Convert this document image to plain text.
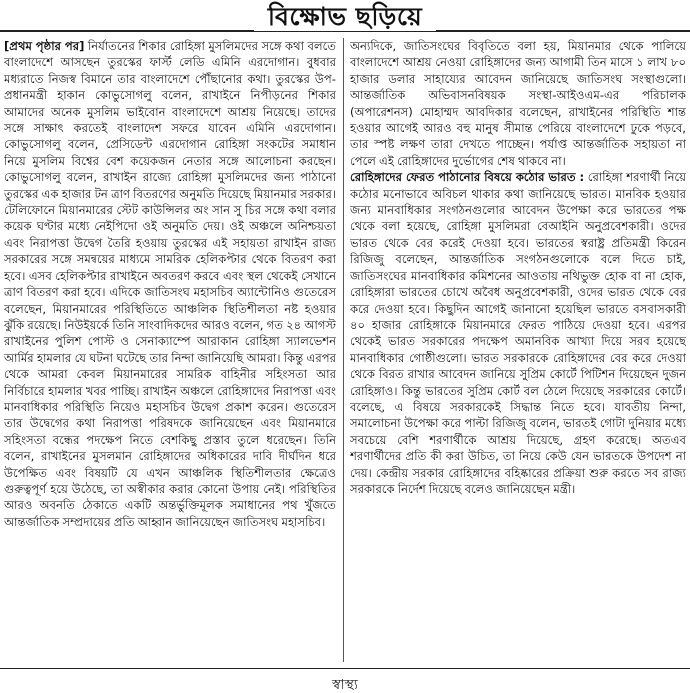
বিক্ষোভ ছড়িয়ে

[প্রথম পৃষ্ঠার পর] নির্যাতনের শিকার রোহিঙ্গা মুসলিমদের সঙ্গে কথা বলতে বাংলাদেশে আসছেন তুরস্কের ফার্স্ট লেডি এমিনি এরদোগান। বুধবার মধ্যরাতে নিজস্ব বিমানে তার বাংলাদেশে পৌঁছানোর কথা। তুরস্কের উপ-প্রধানমন্ত্রী হাকান কোভুসোগলু বলেন, রাখাইনে নিপীড়নের শিকার আমাদের অনেক মুসলিম ভাইবোন বাংলাদেশে আশ্রয় নিয়েছে। তাদের সঙ্গে সাক্ষাৎ করতেই বাংলাদেশ সফরে যাবেন এমিনি এরদোগান। কোভুসোগলু বলেন, প্রেসিডেন্ট এরদোগান রোহিঙ্গা সংকটের সমাধান নিয়ে মুসলিম বিশ্বের বেশ কয়েকজন নেতার সঙ্গে আলোচনা করছেন। কোভুসোগলু বলেন, রাখাইন রাজ্যে রোহিঙ্গা মুসলিমদের জন্য পাঠানো তুরস্কের এক হাজার টন ত্রাণ বিতরণের অনুমতি দিয়েছে মিয়ানমার সরকার। টেলিফোনে মিয়ানমারের স্টেট কাউন্সিলর অং সান সু চির সঙ্গে কথা বলার কয়েক ঘণ্টার মধ্যে নেইপিদো ওই অনুমতি দেয়। ওই অঞ্চলে অনিশ্চয়তা এবং নিরাপত্তা উদ্বেগ তৈরি হওয়ায় তুরস্কের এই সহায়তা রাখাইন রাজ্য সরকারের সঙ্গে সমন্বয়ের মাধ্যমে সামরিক হেলিকপ্টার থেকে বিতরণ করা হবে। এসব হেলিকপ্টার রাখাইনে অবতরণ করবে এবং স্থল থেকেই সেখানে ত্রাণ বিতরণ করা হবে। এদিকে জাতিসংঘ মহাসচিব অ্যান্টোনিও গুতেরেস বলেছেন, মিয়ানমারের পরিস্থিতিতে আঞ্চলিক স্থিতিশীলতা নষ্ট হওয়ার ঝুঁকি রয়েছে। নিউইয়র্কে তিনি সাংবাদিকদের আরও বলেন, গত ২৪ আগস্ট রাখাইনের পুলিশ পোস্ট ও সেনাক্যাম্পে আরাকান রোহিঙ্গা স্যালভেশন আর্মির হামলার যে ঘটনা ঘটেছে তার নিন্দা জানিয়েছি আমরা। কিন্তু এরপর থেকে আমরা কেবল মিয়ানমারের সামরিক বাহিনীর সহিংসতা আর নির্বিচারে হামলার খবর পাচ্ছি। রাখাইন অঞ্চলে রোহিঙ্গাদের নিরাপত্তা এবং মানবাধিকার পরিস্থিতি নিয়েও মহাসচিব উদ্বেগ প্রকাশ করেন। গুতেরেস তার উদ্বেগের কথা নিরাপত্তা পরিষদকে জানিয়েছেন এবং মিয়ানমারে সহিংসতা বন্ধের পদক্ষেপ নিতে বেশকিছু প্রস্তাব তুলে ধরেছেন। তিনি বলেন, রাখাইনের মুসলমান রোহিঙ্গাদের অধিকারের দাবি দীর্ঘদিন ধরে উপেক্ষিত এবং বিষয়টি যে এখন আঞ্চলিক স্থিতিশীলতার ক্ষেত্রেও গুরুত্বপূর্ণ হয়ে উঠেছে, তা অস্বীকার করার কোনো উপায় নেই। পরিস্থিতির আরও অবনতি ঠেকাতে একটি অন্তর্ভুক্তিমূলক সমাধানের পথ খুঁজতে আন্তর্জাতিক সম্প্রদায়ের প্রতি আহ্বান জানিয়েছেন জাতিসংঘ মহাসচিব।

অন্যদিকে, জাতিসংঘের বিবৃতিতে বলা হয়, মিয়ানমার থেকে পালিয়ে বাংলাদেশে আশ্রয় নেওয়া রোহিঙ্গাদের জন্য আগামী তিন মাসে ১ লাখ ৮০ হাজার ডলার সাহায্যের আবেদন জানিয়েছে জাতিসংঘ সংস্থাগুলো। আন্তর্জাতিক অভিবাসনবিষয়ক সংস্থা-আইওএম-এর পরিচালক (অপারেশনস) মোহাম্মদ আবদিকার বলেছেন, রাখাইনের পরিস্থিতি শান্ত হওয়ার আগেই আরও বহু মানুষ সীমান্ত পেরিয়ে বাংলাদেশে ঢুকে পড়বে, তার স্পষ্ট লক্ষণ তারা দেখতে পাচ্ছেন। পর্যাপ্ত আন্তর্জাতিক সহায়তা না পেলে এই রোহিঙ্গাদের দুর্ভোগের শেষ থাকবে না।

রোহিঙ্গাদের ফেরত পাঠানোর বিষয়ে কঠোর ভারত : রোহিঙ্গা শরণার্থী নিয়ে কঠোর মনোভাবে অবিচল থাকার কথা জানিয়েছে ভারত। মানবিক হওয়ার জন্য মানবাধিকার সংগঠনগুলোর আবেদন উপেক্ষা করে ভারতের পক্ষ থেকে বলা হয়েছে, রোহিঙ্গা মুসলিমরা বেআইনি অনুপ্রবেশকারী। ওদের ভারত থেকে বের করেই দেওয়া হবে। ভারতের স্বরাষ্ট্র প্রতিমন্ত্রী কিরেন রিজিজু বলেছেন, আন্তর্জাতিক সংগঠনগুলোকে বলে দিতে চাই, জাতিসংঘের মানবাধিকার কমিশনের আওতায় নথিভুক্ত হোক বা না হোক, রোহিঙ্গারা ভারতের চোখে অবৈধ অনুপ্রবেশকারী, ওদের ভারত থেকে বের করে দেওয়া হবে। কিছুদিন আগেই জানানো হয়েছিল ভারতে বসবাসকারী ৪০ হাজার রোহিঙ্গাকে মিয়ানমারে ফেরত পাঠিয়ে দেওয়া হবে। এরপর থেকেই ভারত সরকারের পদক্ষেপ অমানবিক আখ্যা দিয়ে সরব হয়েছে মানবাধিকার গোষ্ঠীগুলো। ভারত সরকারকে রোহিঙ্গাদের বের করে দেওয়া থেকে বিরত রাখার আবেদন জানিয়ে সুপ্রিম কোর্টে পিটিশন দিয়েছেন দুজন রোহিঙ্গাও। কিন্তু ভারতের সুপ্রিম কোর্ট বল ঠেলে দিয়েছে সরকারের কোর্টে। বলেছে, এ বিষয়ে সরকারকেই সিদ্ধান্ত নিতে হবে। যাবতীয় নিন্দা, সমালোচনা উপেক্ষা করে পাল্টা রিজিজু বলেন, ভারতই গোটা দুনিয়ার মধ্যে সবচেয়ে বেশি শরণার্থীকে আশ্রয় দিয়েছে, গ্রহণ করেছে। অতএব শরণার্থীদের প্রতি কী করা উচিত, তা নিয়ে কেউ যেন ভারতকে উপদেশ না দেয়। কেন্দ্রীয় সরকার রোহিঙ্গাদের বহিষ্কারের প্রক্রিয়া শুরু করতে সব রাজ্য সরকারকে নির্দেশ দিয়েছে বলেও জানিয়েছেন মন্ত্রী।

স্বাস্থ্য
